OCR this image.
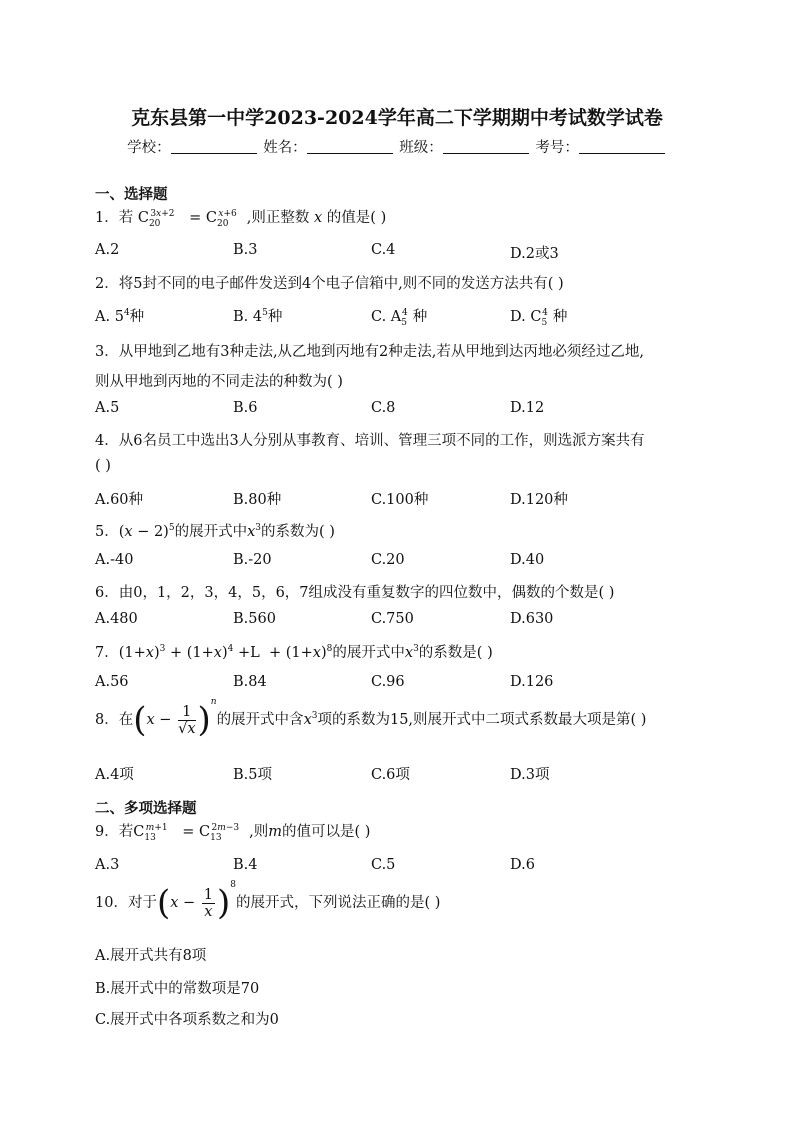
克东县第一中学2023-2024学年高二下学期期中考试数学试卷
学校：	姓名：	班级：	考号：
一、选择题
1．若 $C_{20}^{3x+2} = C_{20}^{x+6}$ ,则正整数 x 的值是( )
A.2	B.3	C.4	D.2或3
2．将5封不同的电子邮件发送到4个电子信箱中,则不同的发送方法共有( )
A. $5^4$种	B. $4^5$种	C. $A_5^4$ 种	D. $C_5^4$ 种
3．从甲地到乙地有3种走法,从乙地到丙地有2种走法,若从甲地到达丙地必须经过乙地,
则从甲地到丙地的不同走法的种数为( )
A.5	B.6	C.8	D.12
4．从6名员工中选出3人分别从事教育、培训、管理三项不同的工作，则选派方案共有
( )
A.60种	B.80种	C.100种	D.120种
5．$(x - 2)^5$的展开式中$x^3$的系数为( )
A.-40	B.-20	C.20	D.40
6．由0，1，2，3，4，5，6，7组成没有重复数字的四位数中，偶数的个数是( )
A.480	B.560	C.750	D.630
7．$(1+x)^3 + (1+x)^4 +L + (1+x)^8$的展开式中$x^3$的系数是( )
A.56	B.84	C.96	D.126
8．在$(x - \frac{1}{√x} )^n$的展开式中含$x^3$项的系数为15,则展开式中二项式系数最大项是第( )
A.4项	B.5项	C.6项	D.3项
二、多项选择题
9．若$C_{13}^{m+1} = C_{13}^{2m-3}$ ,则m的值可以是( )
A.3	B.4	C.5	D.6
10．对于$(x - \frac{1}{x} )^8$的展开式，下列说法正确的是( )
A.展开式共有8项
B.展开式中的常数项是70
C.展开式中各项系数之和为0
